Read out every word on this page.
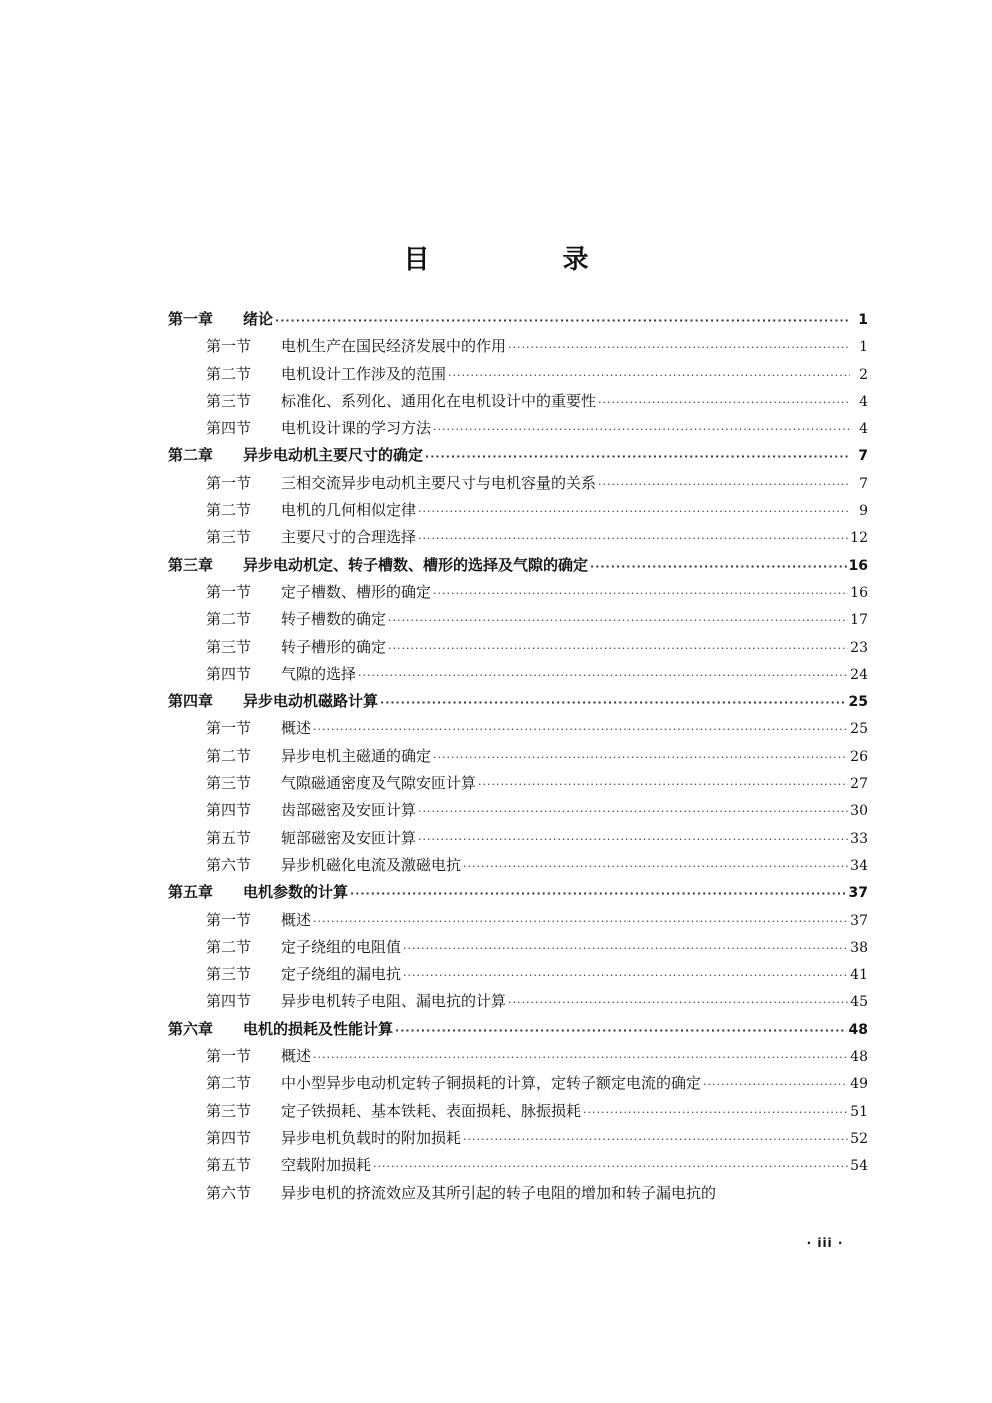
目 录
第一章	绪论 ·····	1
第一节	电机生产在国民经济发展中的作用 ·····	1
第二节	电机设计工作涉及的范围 ·····	2
第三节	标准化、系列化、通用化在电机设计中的重要性 ·····	4
第四节	电机设计课的学习方法 ·····	4
第二章	异步电动机主要尺寸的确定 ·····	7
第一节	三相交流异步电动机主要尺寸与电机容量的关系 ·····	7
第二节	电机的几何相似定律 ·····	9
第三节	主要尺寸的合理选择 ·····	12
第三章	异步电动机定、转子槽数、槽形的选择及气隙的确定 ·····	16
第一节	定子槽数、槽形的确定 ·····	16
第二节	转子槽数的确定 ·····	17
第三节	转子槽形的确定 ·····	23
第四节	气隙的选择 ·····	24
第四章	异步电动机磁路计算 ·····	25
第一节	概述 ·····	25
第二节	异步电机主磁通的确定 ·····	26
第三节	气隙磁通密度及气隙安匝计算 ·····	27
第四节	齿部磁密及安匝计算 ·····	30
第五节	轭部磁密及安匝计算 ·····	33
第六节	异步机磁化电流及激磁电抗 ·····	34
第五章	电机参数的计算 ·····	37
第一节	概述 ·····	37
第二节	定子绕组的电阻值 ·····	38
第三节	定子绕组的漏电抗 ·····	41
第四节	异步电机转子电阻、漏电抗的计算 ·····	45
第六章	电机的损耗及性能计算 ·····	48
第一节	概述 ·····	48
第二节	中小型异步电动机定转子铜损耗的计算，定转子额定电流的确定 ·····	49
第三节	定子铁损耗、基本铁耗、表面损耗、脉振损耗 ·····	51
第四节	异步电机负载时的附加损耗 ·····	52
第五节	空载附加损耗 ·····	54
第六节	异步电机的挤流效应及其所引起的转子电阻的增加和转子漏电抗的
· iii ·
